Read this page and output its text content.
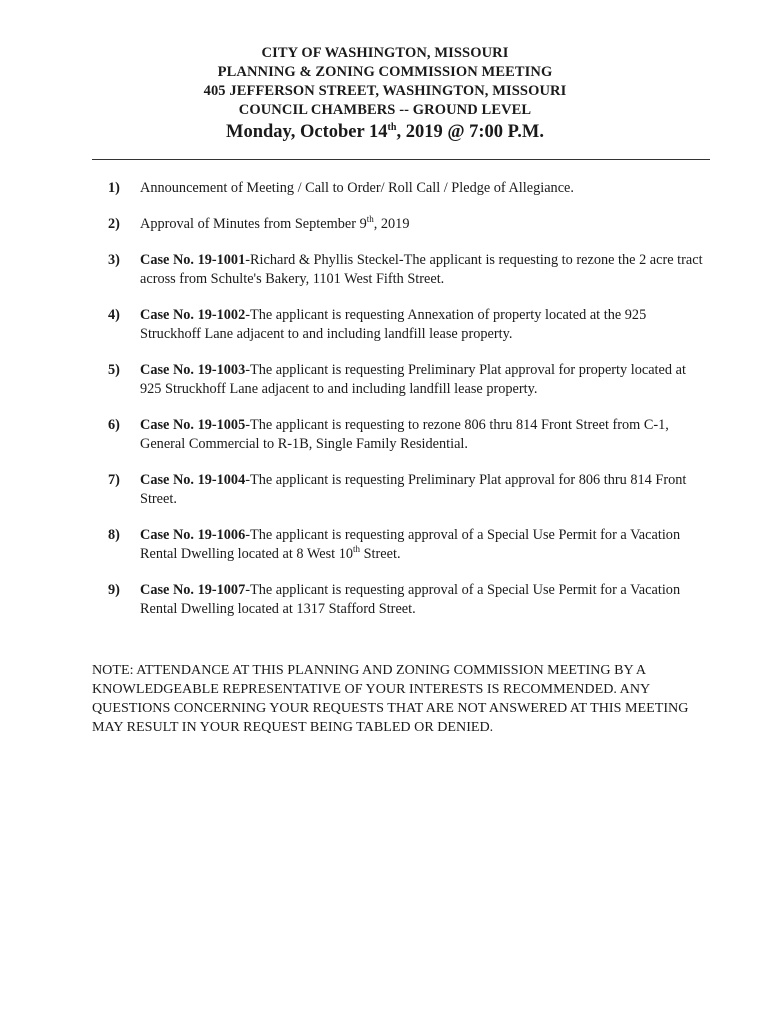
CITY OF WASHINGTON, MISSOURI
PLANNING & ZONING COMMISSION MEETING
405 JEFFERSON STREET, WASHINGTON, MISSOURI
COUNCIL CHAMBERS -- GROUND LEVEL
Monday, October 14th, 2019 @ 7:00 P.M.
1) Announcement of Meeting / Call to Order/ Roll Call / Pledge of Allegiance.
2) Approval of Minutes from September 9th, 2019
3) Case No. 19-1001-Richard & Phyllis Steckel-The applicant is requesting to rezone the 2 acre tract across from Schulte's Bakery, 1101 West Fifth Street.
4) Case No. 19-1002-The applicant is requesting Annexation of property located at the 925 Struckhoff Lane adjacent to and including landfill lease property.
5) Case No. 19-1003-The applicant is requesting Preliminary Plat approval for property located at 925 Struckhoff Lane adjacent to and including landfill lease property.
6) Case No. 19-1005-The applicant is requesting to rezone 806 thru 814 Front Street from C-1, General Commercial to R-1B, Single Family Residential.
7) Case No. 19-1004-The applicant is requesting Preliminary Plat approval for 806 thru 814 Front Street.
8) Case No. 19-1006-The applicant is requesting approval of a Special Use Permit for a Vacation Rental Dwelling located at 8 West 10th Street.
9) Case No. 19-1007-The applicant is requesting approval of a Special Use Permit for a Vacation Rental Dwelling located at 1317 Stafford Street.
NOTE: ATTENDANCE AT THIS PLANNING AND ZONING COMMISSION MEETING BY A KNOWLEDGEABLE REPRESENTATIVE OF YOUR INTERESTS IS RECOMMENDED. ANY QUESTIONS CONCERNING YOUR REQUESTS THAT ARE NOT ANSWERED AT THIS MEETING MAY RESULT IN YOUR REQUEST BEING TABLED OR DENIED.
